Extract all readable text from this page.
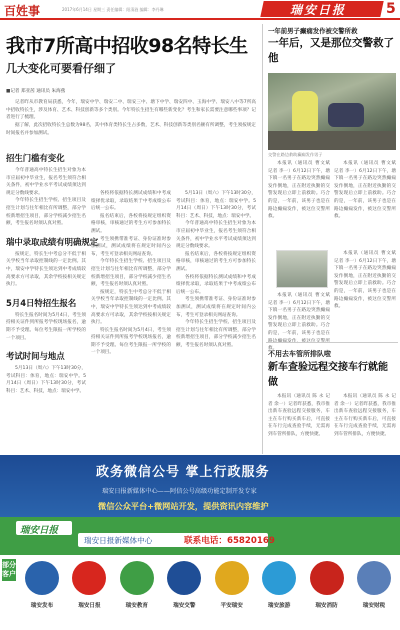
百姓事	2017年6月14日 星期三 责任编辑：阳清涟 编辑：李丹琳	瑞安日报	5
我市7所高中招收98名特长生
几大变化可要看仔细了
■记者 郑亚茜 通讯员 朱海燕
记者昨从市教育局获悉，今年，瑞安中学、瑞安二中、瑞安三中、塘下中学、瑞安四中、玉海中学、瑞安八中等7所高中招收特长生，涉及体育、艺术、科技创新等多个类别。今年特长生招生有哪些新变化？考生和家长需要注意哪些事项？记者进行了梳理。
据了解，此次招收特长生总数为98名，其中体育类特长生占多数，艺术、科技创新等类别名额有所调整，考生须按规定时间报名并参加测试。
招生门槛有变化
今年普通高中特长生招生对象为本市应届初中毕业生，报名考生须符合相关条件，初中学业水平考试成绩须达到规定分数线要求。
今年特长生招生学校、招生项目及招生计划与往年相比有所调整，部分学校新增招生项目，部分学校减少招生名额，考生报名时须认真对照。
瑞中录取成绩有明确规定
按规定，特长生中考总分不低于相关学校当年录取控制线的一定比例。其中，瑞安中学特长生须达到中考成绩较高要求方可录取，其余学校按相关规定执行。
5月4日特招生报名
特长生报名时间为5月4日，考生须持相关证件到所报考学校现场报名，逾期不予受理。每位考生限报一所学校的一个项目。
考试时间与地点
5月13日（周六）下午13时30分，考试科目：体育，地点：瑞安中学。5月14日（周日）下午13时30分，考试科目：艺术、科技，地点：瑞安中学。
各校将依据特长测试成绩和中考成绩择优录取，录取结果于中考成绩公布后统一公布。
报名结束后，各校将按规定组织资格审核，审核通过的考生方可参加特长测试。
考生须携带准考证、身份证准时参加测试，测试成绩将在规定时间内公布，考生可登录相关网站查询。
今年特长生招生学校、招生项目及招生计划与往年相比有所调整，部分学校新增招生项目，部分学校减少招生名额，考生报名时须认真对照。
按规定，特长生中考总分不低于相关学校当年录取控制线的一定比例。其中，瑞安中学特长生须达到中考成绩较高要求方可录取，其余学校按相关规定执行。
特长生报名时间为5月4日，考生须持相关证件到所报考学校现场报名，逾期不予受理。每位考生限报一所学校的一个项目。
5月13日（周六）下午13时30分，考试科目：体育，地点：瑞安中学。5月14日（周日）下午13时30分，考试科目：艺术、科技，地点：瑞安中学。
今年普通高中特长生招生对象为本市应届初中毕业生，报名考生须符合相关条件，初中学业水平考试成绩须达到规定分数线要求。
报名结束后，各校将按规定组织资格审核，审核通过的考生方可参加特长测试。
各校将依据特长测试成绩和中考成绩择优录取，录取结果于中考成绩公布后统一公布。
考生须携带准考证、身份证准时参加测试，测试成绩将在规定时间内公布，考生可登录相关网站查询。
今年特长生招生学校、招生项目及招生计划与往年相比有所调整，部分学校新增招生项目，部分学校减少招生名额，考生报名时须认真对照。
一年前男子癫痫发作被交警所救
一年后，又是那位交警救了他
交警在路边救助癫痫发作男子
本报讯（通讯员 曹文斌 记者 李一）6月12日下午，塘下镇一名男子在路边突然癫痫发作倒地，正在附近执勤的交警发现后立即上前救助。巧合的是，一年前，该男子也是在路边癫痫发作，被这位交警所救。
本报讯（通讯员 曹文斌 记者 李一）6月12日下午，塘下镇一名男子在路边突然癫痫发作倒地，正在附近执勤的交警发现后立即上前救助。巧合的是，一年前，该男子也是在路边癫痫发作，被这位交警所救。
本报讯（通讯员 曹文斌 记者 李一）6月12日下午，塘下镇一名男子在路边突然癫痫发作倒地，正在附近执勤的交警发现后立即上前救助。巧合的是，一年前，该男子也是在 救。
本报讯（通讯员 曹文斌 记者 李一）6月12日下午，塘下镇一名男子在路边突然癫痫发作倒地，正在附近执勤的交警发现后立即上前救助。巧合的是，一年前，该男子也是在路边癫痫发作，被这位交警所救。
不用去车管所排队啦
新车查验远程交接车行就能做
本报讯（通讯员 陈 永 记者 余一）记者昨获悉，我市推出新车查验远程交接服务，车主在车行购买新车后，可直接在车行完成查验手续，无需再到车管所排队，方便快捷。
本报讯（通讯员 陈 永 记者 余一）记者昨获悉，我市推出新车查验远程交接服务，车主在车行购买新车后，可直接在车行完成查验手续，无需再到车管所排队，方便快捷。
政务微信公号 掌上行政服务
瑞安日报新媒体中心——阿信公号高级功能定制开发专家
微信公众平台+微网站开发，提供资讯内容维护
瑞安日报
瑞安日报新媒体中心	联系电话：65820169
部分客户
瑞安发布	瑞安日报	瑞安教育	瑞安交警	平安瑞安	瑞安旅游	瑞安消防	瑞安财税
